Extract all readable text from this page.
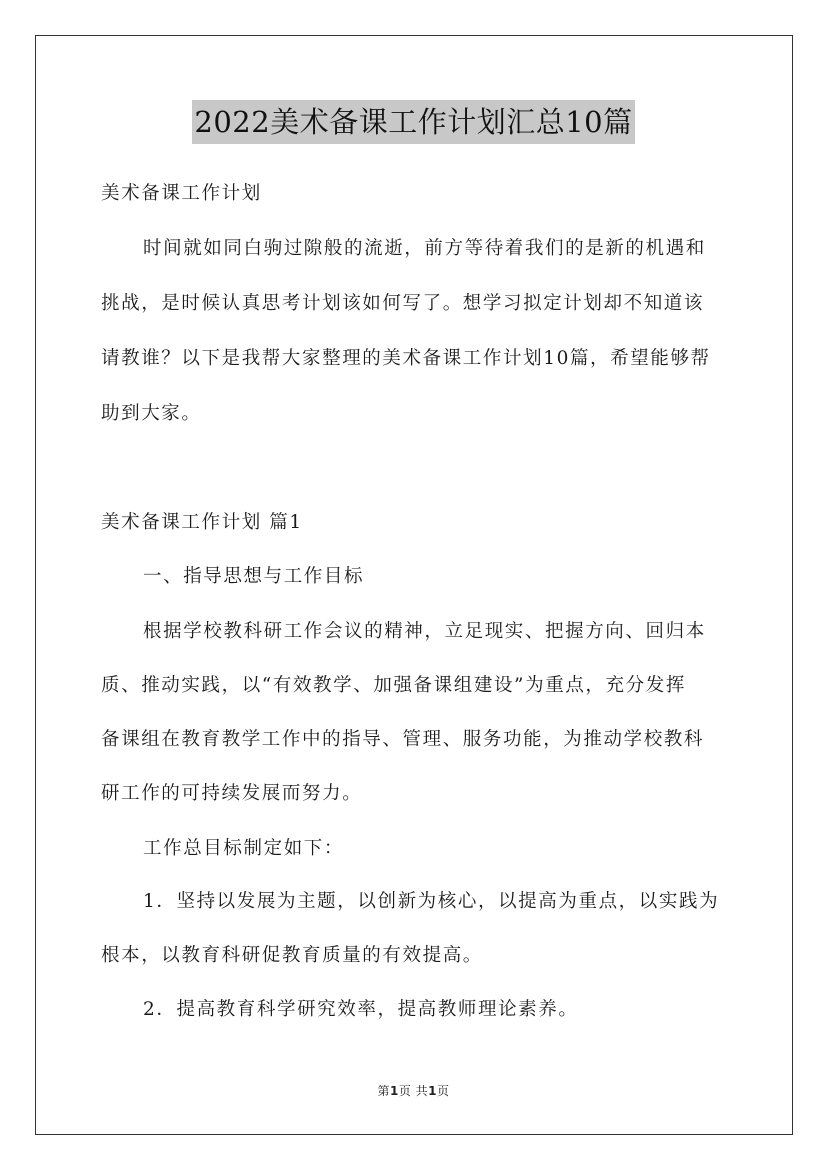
2022美术备课工作计划汇总10篇
美术备课工作计划
时间就如同白驹过隙般的流逝，前方等待着我们的是新的机遇和
挑战，是时候认真思考计划该如何写了。想学习拟定计划却不知道该
请教谁？以下是我帮大家整理的美术备课工作计划10篇，希望能够帮
助到大家。
美术备课工作计划 篇1
一、指导思想与工作目标
根据学校教科研工作会议的精神，立足现实、把握方向、回归本
质、推动实践，以“有效教学、加强备课组建设”为重点，充分发挥
备课组在教育教学工作中的指导、管理、服务功能，为推动学校教科
研工作的可持续发展而努力。
工作总目标制定如下：
1．坚持以发展为主题，以创新为核心，以提高为重点，以实践为
根本，以教育科研促教育质量的有效提高。
2．提高教育科学研究效率，提高教师理论素养。
第1页 共1页
